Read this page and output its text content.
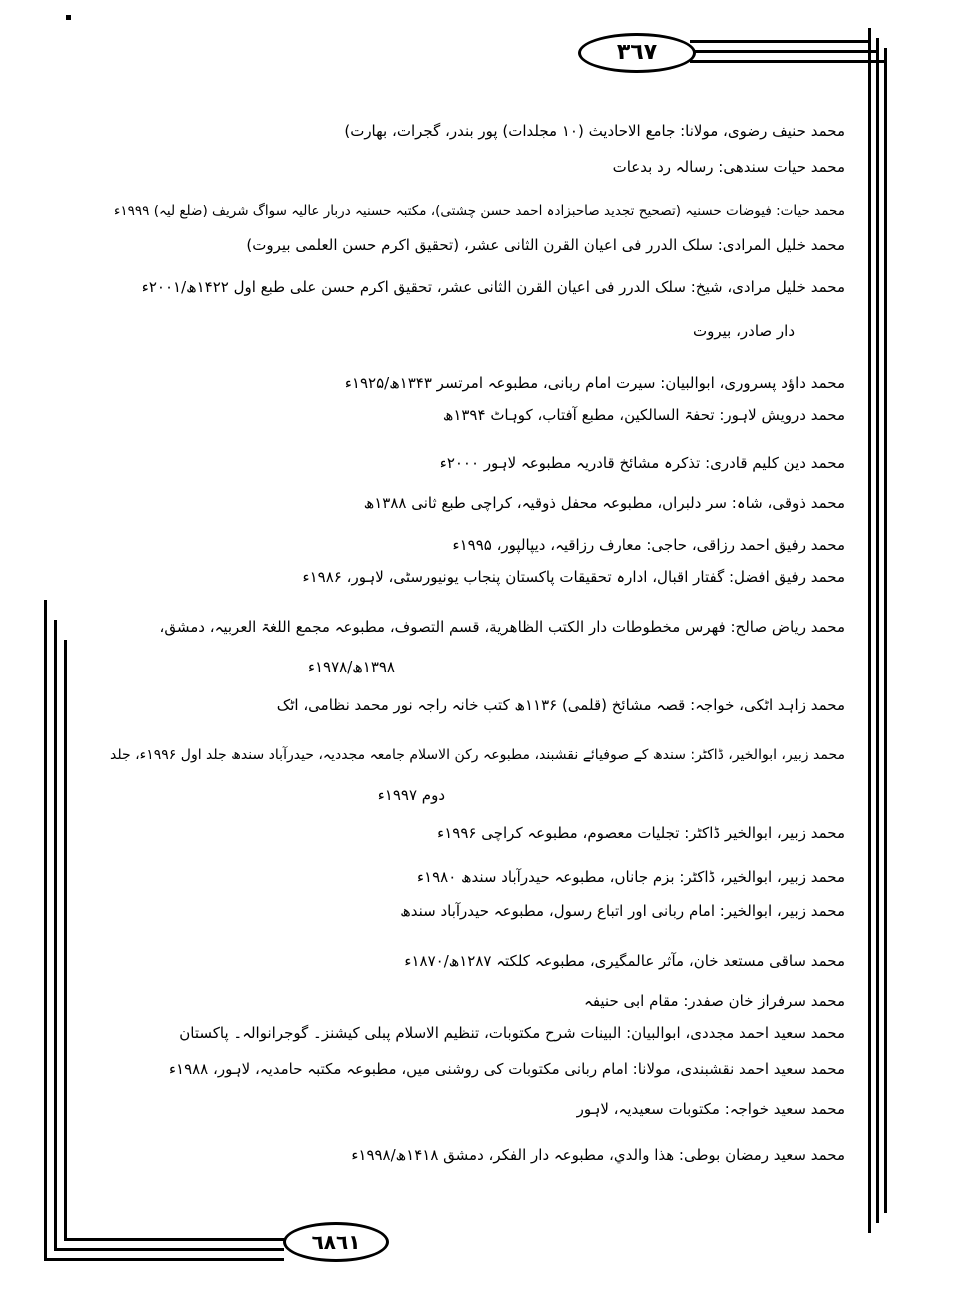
٣٦٧
محمد حنیف رضوی، مولانا: جامع الاحادیث (۱۰ مجلدات) پور بندر، گجرات، بھارت)
محمد حیات سندھی: رسالہ رد بدعات
محمد حیات: فیوضات حسنیہ (تصحیح تجدید صاحبزادہ احمد حسن چشتی)، مکتبہ حسنیہ دربار عالیہ سواگ شریف (ضلع لیہ) ۱۹۹۹ء
محمد خلیل المرادی: سلک الدرر فی اعیان القرن الثانی عشر، (تحقیق اکرم حسن العلمی بیروت)
محمد خلیل مرادی، شیخ: سلک الدرر فی اعیان القرن الثانی عشر، تحقیق اکرم حسن علی طبع اول ۱۴۲۲ھ/۲۰۰۱ء
دار صادر، بیروت
محمد داؤد پسروری، ابوالبیان: سیرت امام ربانی، مطبوعہ امرتسر ۱۳۴۳ھ/۱۹۲۵ء
محمد درویش لاہور: تحفۃ السالکین، مطبع آفتاب، کوہاٹ ۱۳۹۴ھ
محمد دین کلیم قادری: تذکرہ مشائخ قادریہ مطبوعہ لاہور ۲۰۰۰ء
محمد ذوقی، شاہ: سر دلبراں، مطبوعہ محفل ذوقیہ، کراچی طبع ثانی ۱۳۸۸ھ
محمد رفیق احمد رزاقی، حاجی: معارف رزاقیہ، دیپالپور، ۱۹۹۵ء
محمد رفیق افضل: گفتار اقبال، ادارہ تحقیقات پاکستان پنجاب یونیورسٹی، لاہور، ۱۹۸۶ء
محمد ریاض صالح: فهرس مخطوطات دار الكتب الظاهرية، قسم التصوف، مطبوعہ مجمع اللغۃ العربیہ، دمشق،
۱۳۹۸ھ/۱۹۷۸ء
محمد زاہد اٹکی، خواجہ: قصہ مشائخ (قلمی) ۱۱۳۶ھ کتب خانہ راجہ نور محمد نظامی، اٹک
محمد زبیر، ابوالخیر، ڈاکٹر: سندھ کے صوفیائے نقشبند، مطبوعہ رکن الاسلام جامعہ مجددیہ، حیدرآباد سندھ جلد اول ۱۹۹۶ء، جلد
دوم ۱۹۹۷ء
محمد زبیر، ابوالخیر ڈاکٹر: تجلیات معصوم، مطبوعہ کراچی ۱۹۹۶ء
محمد زبیر، ابوالخیر، ڈاکٹر: بزم جاناں، مطبوعہ حیدرآباد سندھ ۱۹۸۰ء
محمد زبیر، ابوالخیر: امام ربانی اور اتباع رسول، مطبوعہ حیدرآباد سندھ
محمد ساقی مستعد خان، مآثر عالمگیری، مطبوعہ کلکتہ ۱۲۸۷ھ/۱۸۷۰ء
محمد سرفراز خان صفدر: مقام ابی حنیفہ
محمد سعید احمد مجددی، ابوالبیان: البینات شرح مکتوبات، تنظیم الاسلام پبلی کیشنز۔ گوجرانوالہ۔ پاکستان
محمد سعید احمد نقشبندی، مولانا: امام ربانی مکتوبات کی روشنی میں، مطبوعہ مکتبہ حامدیہ، لاہور، ۱۹۸۸ء
محمد سعید خواجہ: مکتوبات سعیدیہ، لاہور
محمد سعید رمضان بوطی: هذا والدي، مطبوعہ دار الفكر، دمشق ۱۴۱۸ھ/۱۹۹۸ء
٦٨٦١
